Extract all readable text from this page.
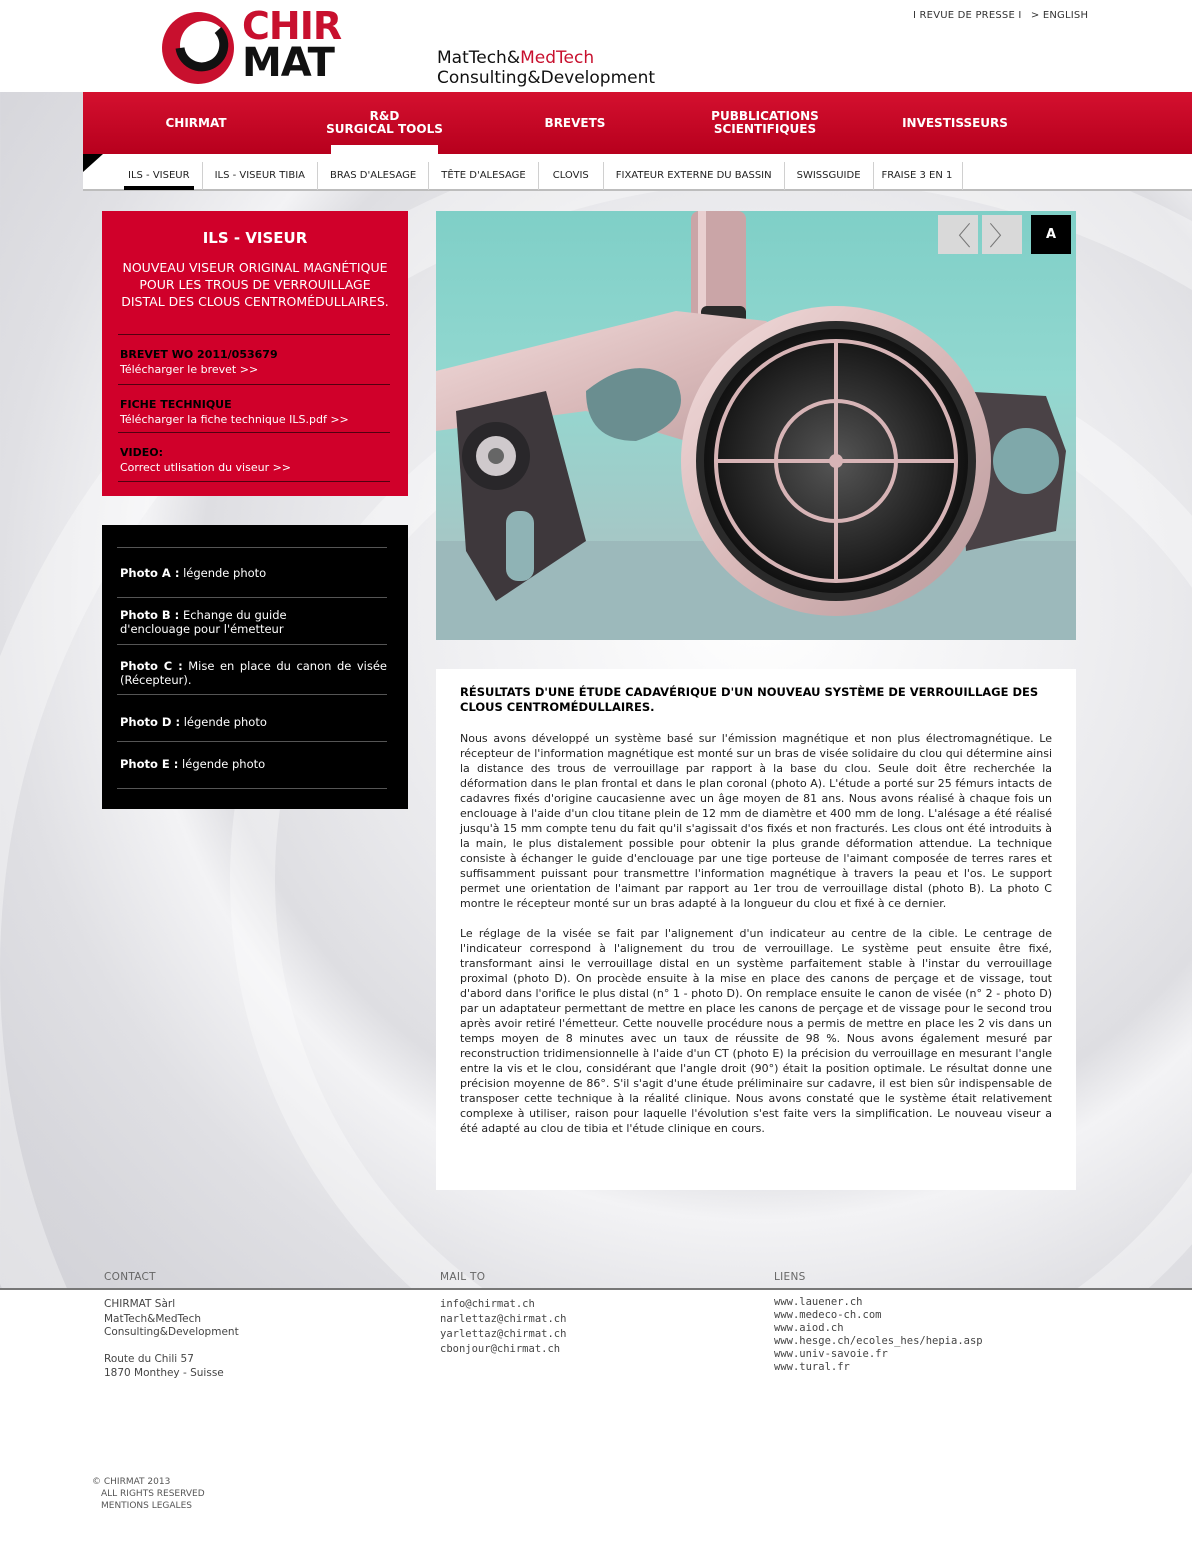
CHIR
MAT	MatTech&MedTech
Consulting&Development
I REVUE DE PRESSE I > ENGLISH
CHIRMAT	R&D
SURGICAL TOOLS	BREVETS	PUBBLICATIONS
SCIENTIFIQUES	INVESTISSEURS
ILS - VISEUR	ILS - VISEUR TIBIA	BRAS D'ALESAGE	TÊTE D'ALESAGE	CLOVIS	FIXATEUR EXTERNE DU BASSIN	SWISSGUIDE	FRAISE 3 EN 1
ILS - VISEUR
NOUVEAU VISEUR ORIGINAL MAGNÉTIQUE POUR LES TROUS DE VERROUILLAGE DISTAL DES CLOUS CENTROMÉDULLAIRES.
BREVET WO 2011/053679
Télécharger le brevet >>
FICHE TECHNIQUE
Télécharger la fiche technique ILS.pdf >>
VIDEO:
Correct utlisation du viseur >>
Photo A : légende photo
Photo B : Echange du guide d'enclouage pour l'émetteur
Photo C : Mise en place du canon de visée (Récepteur).
Photo D : légende photo
Photo E : légende photo
〈 〉	A
RÉSULTATS D'UNE ÉTUDE CADAVÉRIQUE D'UN NOUVEAU SYSTÈME DE VERROUILLAGE DES CLOUS CENTROMÉDULLAIRES.

Nous avons développé un système basé sur l'émission magnétique et non plus électromagnétique. Le récepteur de l'information magnétique est monté sur un bras de visée solidaire du clou qui détermine ainsi la distance des trous de verrouillage par rapport à la base du clou. Seule doit être recherchée la déformation dans le plan frontal et dans le plan coronal (photo A). L'étude a porté sur 25 fémurs intacts de cadavres fixés d'origine caucasienne avec un âge moyen de 81 ans. Nous avons réalisé à chaque fois un enclouage à l'aide d'un clou titane plein de 12 mm de diamètre et 400 mm de long. L'alésage a été réalisé jusqu'à 15 mm compte tenu du fait qu'il s'agissait d'os fixés et non fracturés. Les clous ont été introduits à la main, le plus distalement possible pour obtenir la plus grande déformation attendue. La technique consiste à échanger le guide d'enclouage par une tige porteuse de l'aimant composée de terres rares et suffisamment puissant pour transmettre l'information magnétique à travers la peau et l'os. Le support permet une orientation de l'aimant par rapport au 1er trou de verrouillage distal (photo B). La photo C montre le récepteur monté sur un bras adapté à la longueur du clou et fixé à ce dernier.

Le réglage de la visée se fait par l'alignement d'un indicateur au centre de la cible. Le centrage de l'indicateur correspond à l'alignement du trou de verrouillage. Le système peut ensuite être fixé, transformant ainsi le verrouillage distal en un système parfaitement stable à l'instar du verrouillage proximal (photo D). On procède ensuite à la mise en place des canons de perçage et de vissage, tout d'abord dans l'orifice le plus distal (n° 1 - photo D). On remplace ensuite le canon de visée (n° 2 - photo D) par un adaptateur permettant de mettre en place les canons de perçage et de vissage pour le second trou après avoir retiré l'émetteur. Cette nouvelle procédure nous a permis de mettre en place les 2 vis dans un temps moyen de 8 minutes avec un taux de réussite de 98 %. Nous avons également mesuré par reconstruction tridimensionnelle à l'aide d'un CT (photo E) la précision du verrouillage en mesurant l'angle entre la vis et le clou, considérant que l'angle droit (90°) était la position optimale. Le résultat donne une précision moyenne de 86°. S'il s'agit d'une étude préliminaire sur cadavre, il est bien sûr indispensable de transposer cette technique à la réalité clinique. Nous avons constaté que le système était relativement complexe à utiliser, raison pour laquelle l'évolution s'est faite vers la simplification. Le nouveau viseur a été adapté au clou de tibia et l'étude clinique en cours.

CONTACT	MAIL TO	LIENS
CHIRMAT Sàrl
MatTech&MedTech
Consulting&Development
Route du Chili 57
1870 Monthey - Suisse
info@chirmat.ch
narlettaz@chirmat.ch
yarlettaz@chirmat.ch
cbonjour@chirmat.ch
www.lauener.ch
www.medeco-ch.com
www.aiod.ch
www.hesge.ch/ecoles_hes/hepia.asp
www.univ-savoie.fr
www.tural.fr
© CHIRMAT 2013
ALL RIGHTS RESERVED
MENTIONS LEGALES
